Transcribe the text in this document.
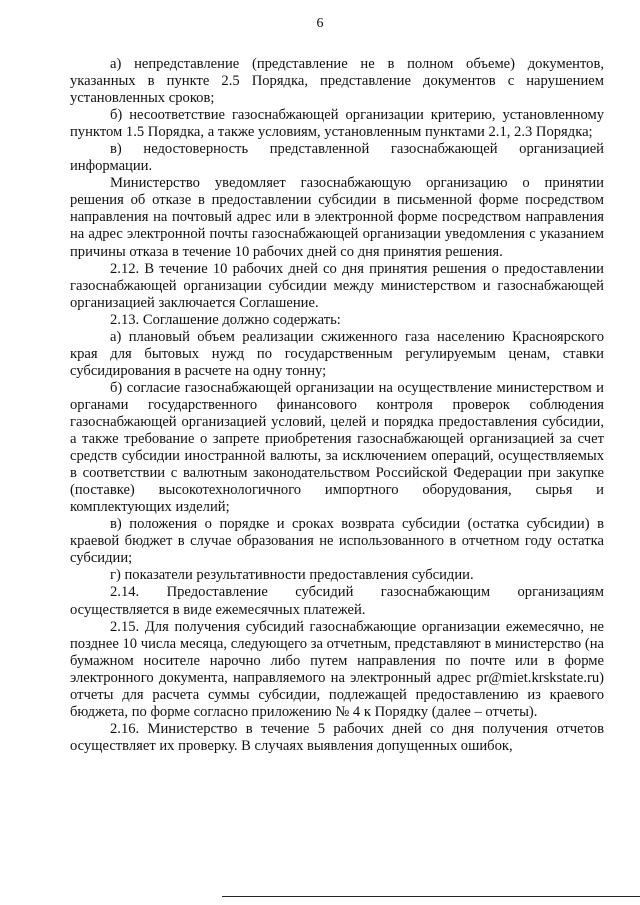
6

а) непредставление (представление не в полном объеме) документов, указанных в пункте 2.5 Порядка, представление документов с нарушением установленных сроков;

б) несоответствие газоснабжающей организации критерию, установленному пунктом 1.5 Порядка, а также условиям, установленным пунктами 2.1, 2.3 Порядка;

в) недостоверность представленной газоснабжающей организацией информации.

Министерство уведомляет газоснабжающую организацию о принятии решения об отказе в предоставлении субсидии в письменной форме посредством направления на почтовый адрес или в электронной форме посредством направления на адрес электронной почты газоснабжающей организации уведомления с указанием причины отказа в течение 10 рабочих дней со дня принятия решения.

2.12. В течение 10 рабочих дней со дня принятия решения о предоставлении газоснабжающей организации субсидии между министерством и газоснабжающей организацией заключается Соглашение.

2.13. Соглашение должно содержать:

а) плановый объем реализации сжиженного газа населению Красноярского края для бытовых нужд по государственным регулируемым ценам, ставки субсидирования в расчете на одну тонну;

б) согласие газоснабжающей организации на осуществление министерством и органами государственного финансового контроля проверок соблюдения газоснабжающей организацией условий, целей и порядка предоставления субсидии, а также требование о запрете приобретения газоснабжающей организацией за счет средств субсидии иностранной валюты, за исключением операций, осуществляемых в соответствии с валютным законодательством Российской Федерации при закупке (поставке) высокотехнологичного импортного оборудования, сырья и комплектующих изделий;

в) положения о порядке и сроках возврата субсидии (остатка субсидии) в краевой бюджет в случае образования не использованного в отчетном году остатка субсидии;

г) показатели результативности предоставления субсидии.

2.14. Предоставление субсидий газоснабжающим организациям осуществляется в виде ежемесячных платежей.

2.15. Для получения субсидий газоснабжающие организации ежемесячно, не позднее 10 числа месяца, следующего за отчетным, представляют в министерство (на бумажном носителе нарочно либо путем направления по почте или в форме электронного документа, направляемого на электронный адрес pr@miet.krskstate.ru) отчеты для расчета суммы субсидии, подлежащей предоставлению из краевого бюджета, по форме согласно приложению № 4 к Порядку (далее – отчеты).

2.16. Министерство в течение 5 рабочих дней со дня получения отчетов осуществляет их проверку. В случаях выявления допущенных ошибок,
